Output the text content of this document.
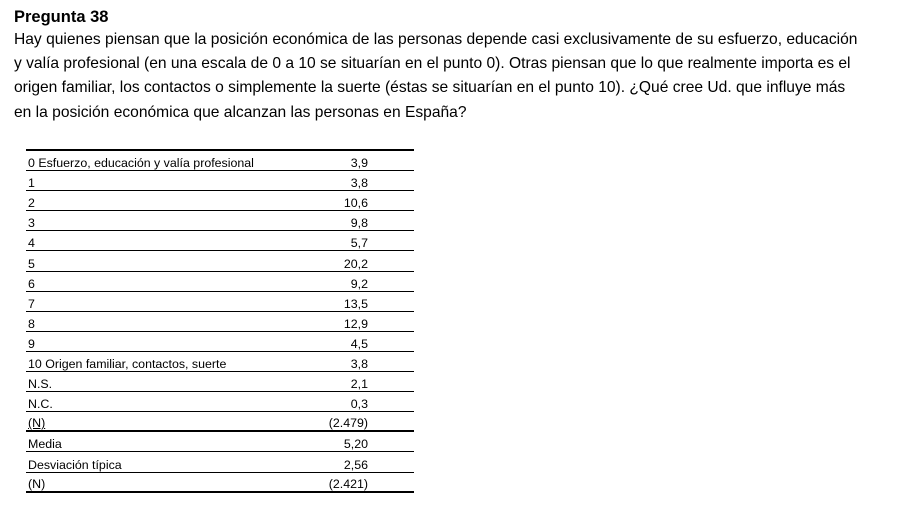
Pregunta 38

Hay quienes piensan que la posición económica de las personas depende casi exclusivamente de su esfuerzo, educación
y valía profesional (en una escala de 0 a 10 se situarían en el punto 0). Otras piensan que lo que realmente importa es el
origen familiar, los contactos o simplemente la suerte (éstas se situarían en el punto 10). ¿Qué cree Ud. que influye más
en la posición económica que alcanzan las personas en España?

0 Esfuerzo, educación y valía profesional	3,9
1	3,8
2	10,6
3	9,8
4	5,7
5	20,2
6	9,2
7	13,5
8	12,9
9	4,5
10 Origen familiar, contactos, suerte	3,8
N.S.	2,1
N.C.	0,3
(N)	(2.479)
Media	5,20
Desviación típica	2,56
(N)	(2.421)
